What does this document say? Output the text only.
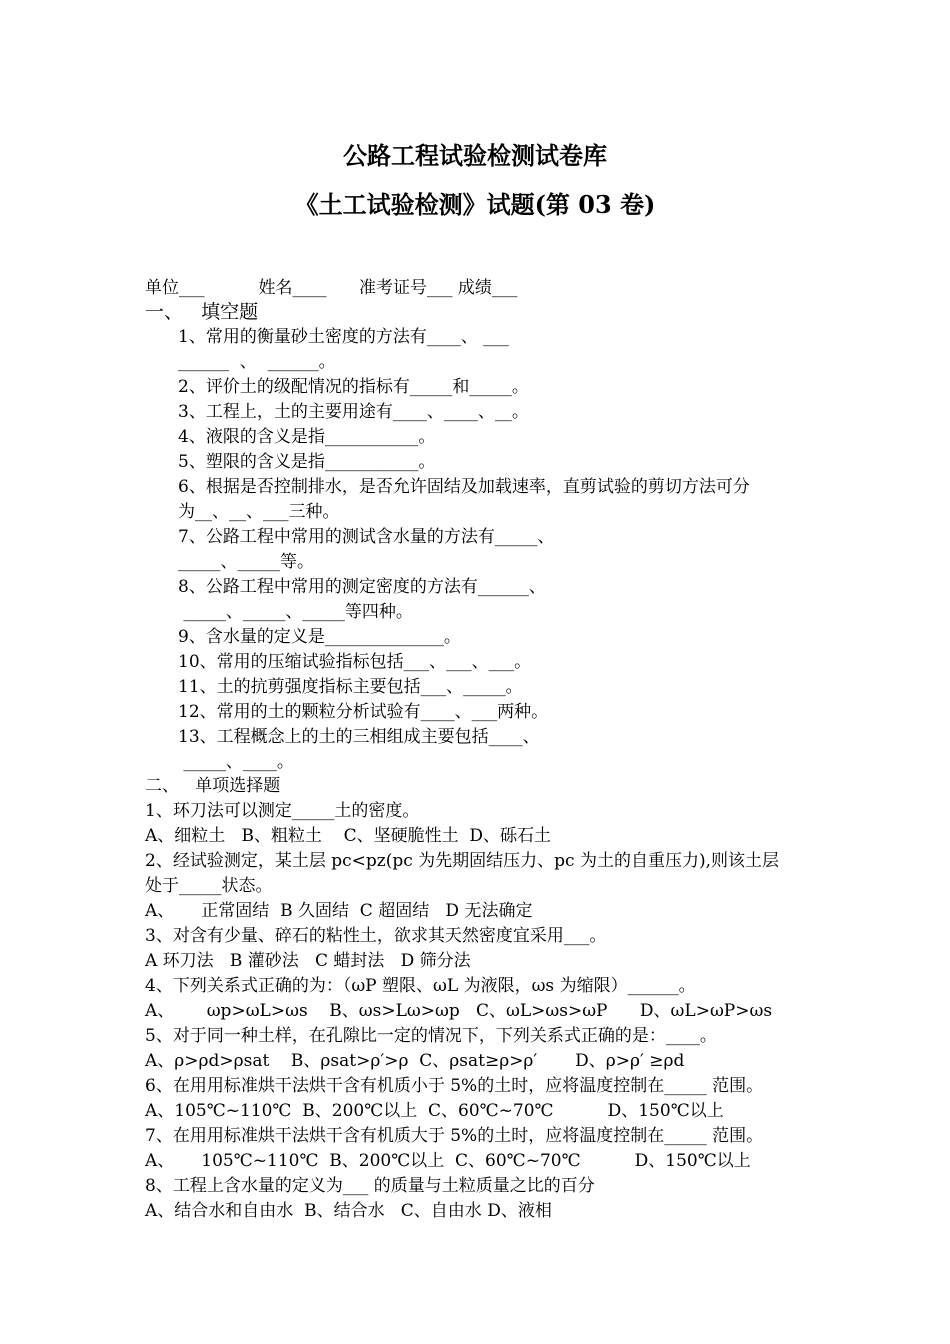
公路工程试验检测试卷库
《土工试验检测》试题(第 03 卷)
单位___          姓名____      准考证号___ 成绩___
一、   填空题
1、常用的衡量砂土密度的方法有____、 ___
______  、  ______。
2、评价土的级配情况的指标有_____和_____。
3、工程上，土的主要用途有____、____、__。
4、液限的含义是指___________。
5、塑限的含义是指___________。
6、根据是否控制排水，是否允许固结及加载速率，直剪试验的剪切方法可分
为__、__、___三种。
7、公路工程中常用的测试含水量的方法有_____、
_____、_____等。
8、公路工程中常用的测定密度的方法有______、
_____、_____、_____等四种。
9、含水量的定义是______________。
10、常用的压缩试验指标包括___、___、___。
11、土的抗剪强度指标主要包括___、_____。
12、常用的土的颗粒分析试验有____、___两种。
13、工程概念上的土的三相组成主要包括____、
_____、____。
二、   单项选择题
1、环刀法可以测定_____土的密度。
A、细粒土   B、粗粒土    C、坚硬脆性土  D、砾石土
2、经试验测定，某土层 pc<pz(pc 为先期固结压力、pc 为土的自重压力),则该土层
处于_____状态。
A、     正常固结  B 久固结  C 超固结   D 无法确定
3、对含有少量、碎石的粘性土，欲求其天然密度宜采用___。
A 环刀法   B 灌砂法   C 蜡封法   D 筛分法
4、下列关系式正确的为：（ωP 塑限、ωL 为液限，ωs 为缩限）______。
A、      ωp>ωL>ωs    B、ωs>Lω>ωp   C、ωL>ωs>ωP      D、ωL>ωP>ωs
5、对于同一种土样，在孔隙比一定的情况下，下列关系式正确的是：____。
A、ρ>ρd>ρsat    B、ρsat>ρ′>ρ  C、ρsat≥ρ>ρ′       D、ρ>ρ′ ≥ρd
6、在用用标准烘干法烘干含有机质小于 5%的土时，应将温度控制在_____ 范围。
A、105℃~110℃  B、200℃以上  C、60℃~70℃          D、150℃以上
7、在用用标准烘干法烘干含有机质大于 5%的土时，应将温度控制在_____ 范围。
A、     105℃~110℃  B、200℃以上  C、60℃~70℃          D、150℃以上
8、工程上含水量的定义为___ 的质量与土粒质量之比的百分
A、结合水和自由水  B、结合水   C、自由水 D、液相
